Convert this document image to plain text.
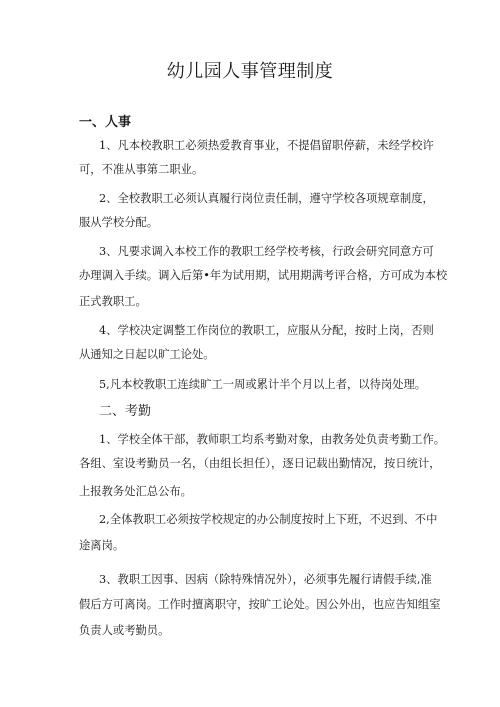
幼儿园人事管理制度
一、人事
1、凡本校教职工必须热爱教育事业，不提倡留职停薪，未经学校许
可，不准从事第二职业。
2、全校教职工必须认真履行岗位责任制，遵守学校各项规章制度，
服从学校分配。
3、凡要求调入本校工作的教职工经学校考核，行政会研究同意方可
办理调入手续。调入后第•年为试用期，试用期满考评合格，方可成为本校
正式教职工。
4、学校决定调整工作岗位的教职工，应服从分配，按时上岗，否则
从通知之日起以旷工论处。
5,凡本校教职工连续旷工一周或累计半个月以上者，以待岗处理。
二、考勤
1、学校全体干部，教师职工均系考勤对象，由教务处负责考勤工作。
各组、室设考勤员一名，（由组长担任），逐日记载出勤情况，按日统计，
上报教务处汇总公布。
2,全体教职工必须按学校规定的办公制度按时上下班，不迟到、不中
途离岗。
3、教职工因事、因病（除特殊情况外），必须事先履行请假手续,准
假后方可离岗。工作时擅离职守，按旷工论处。因公外出，也应告知组室
负责人或考勤员。
